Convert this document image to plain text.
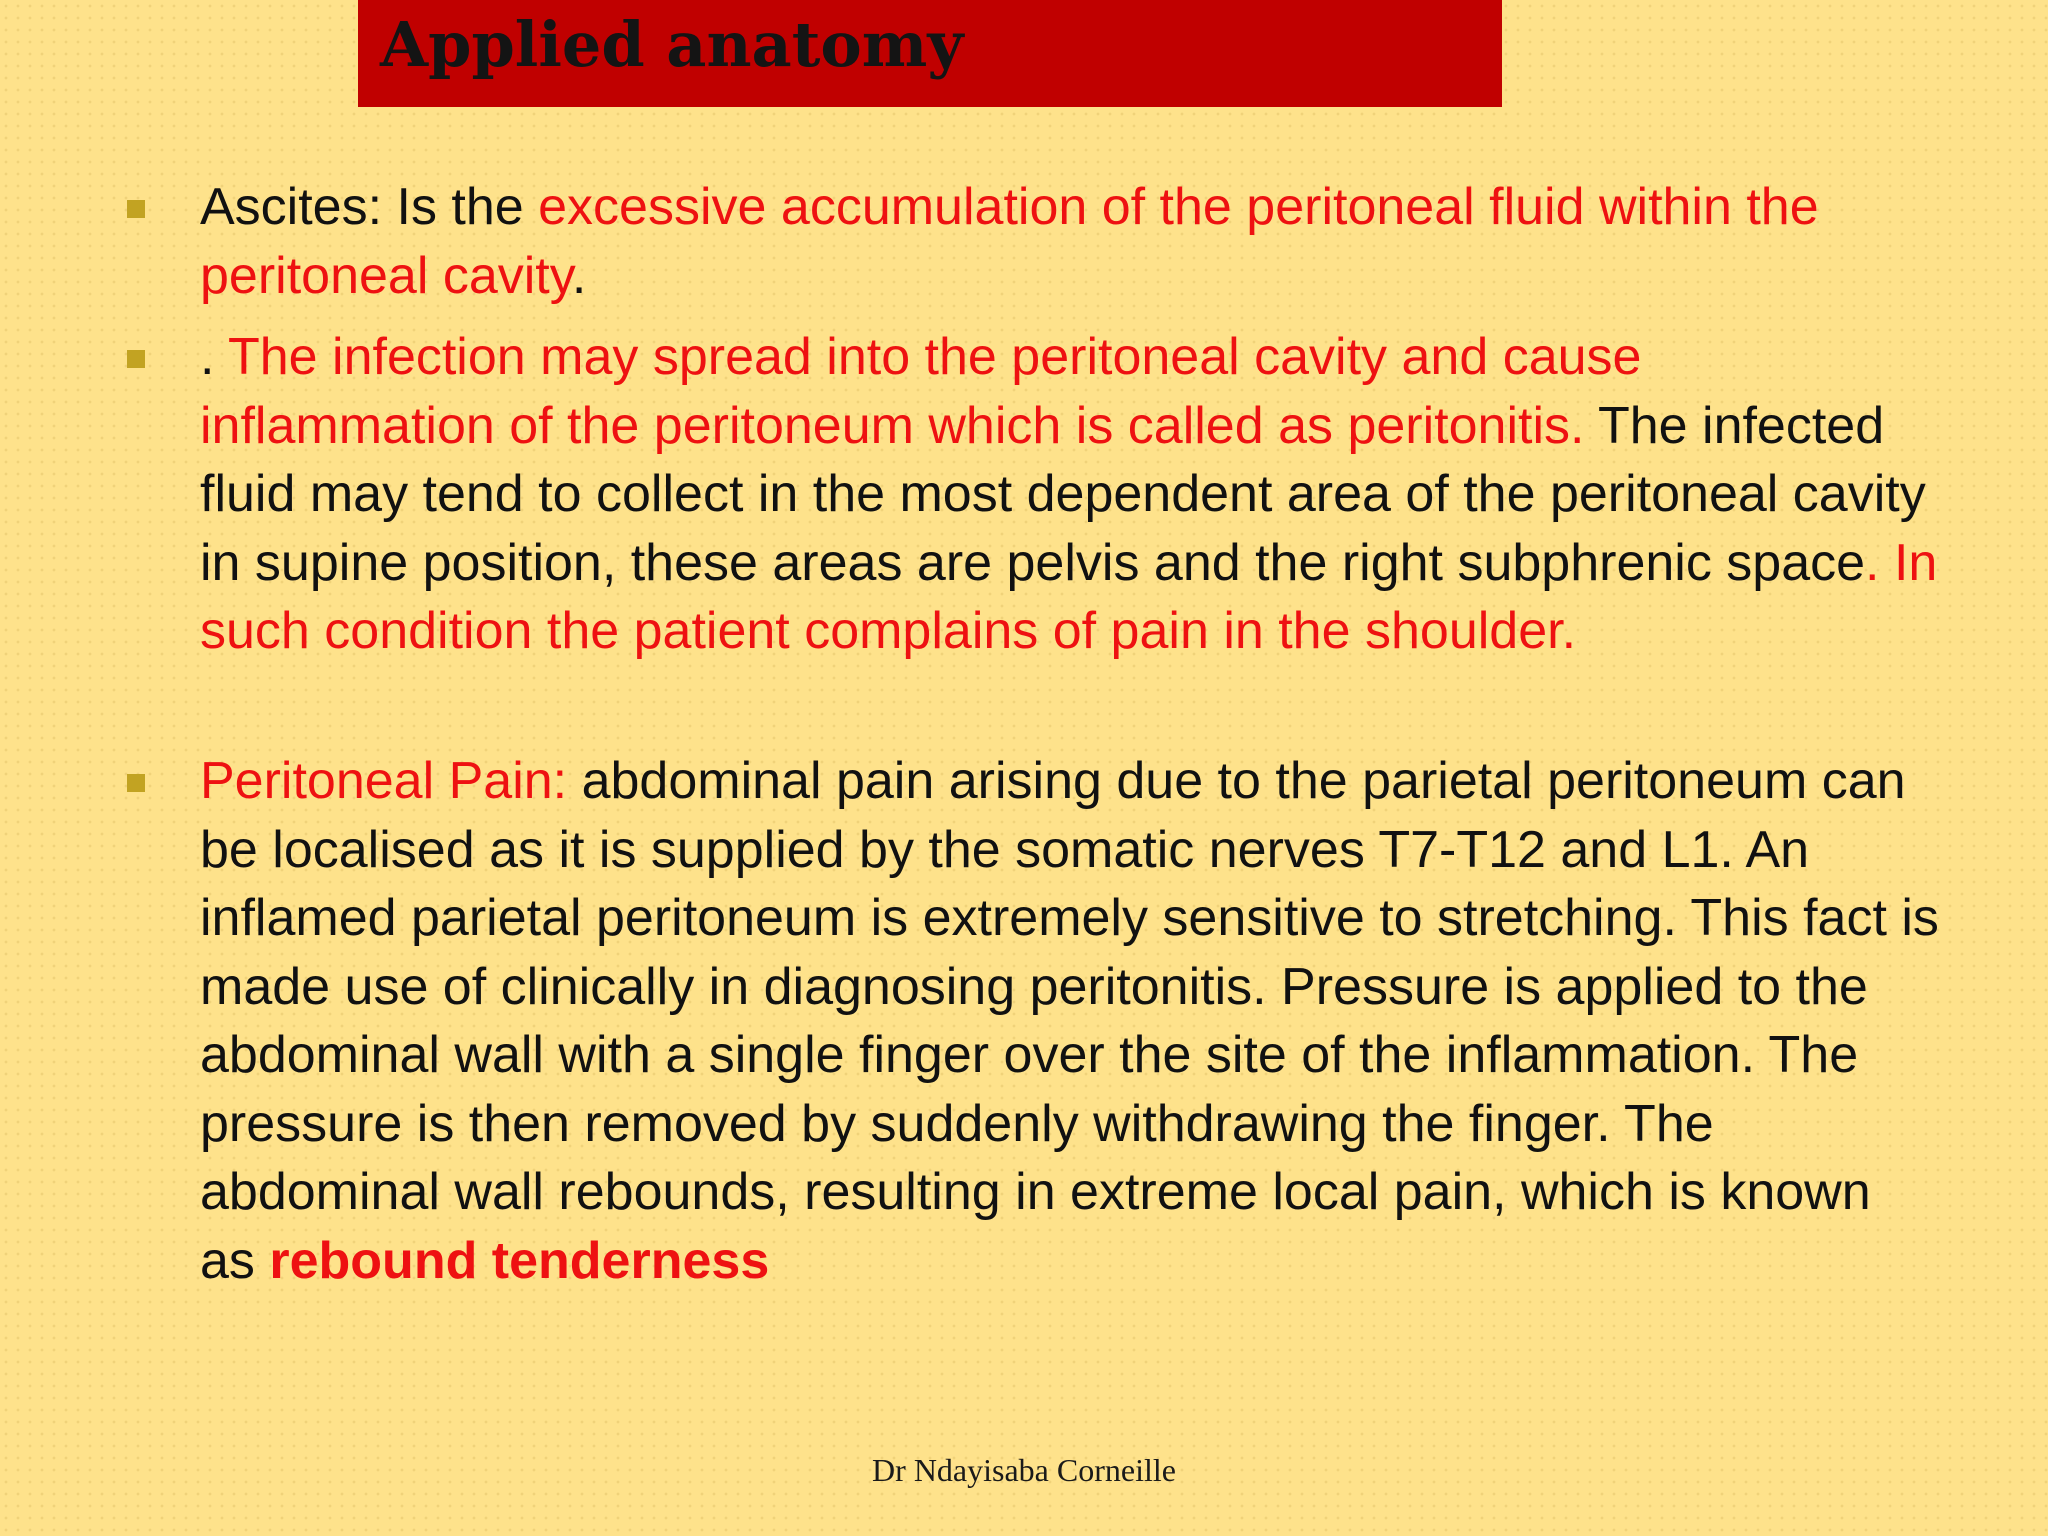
Applied anatomy
Ascites: Is the excessive accumulation of the peritoneal fluid within the peritoneal cavity.
. The infection may spread into the peritoneal cavity and cause inflammation of the peritoneum which is called as peritonitis. The infected fluid may tend to collect in the most dependent area of the peritoneal cavity in supine position, these areas are pelvis and the right subphrenic space. In such condition the patient complains of pain in the shoulder.
Peritoneal Pain: abdominal pain arising due to the parietal peritoneum can be localised as it is supplied by the somatic nerves T7-T12 and L1. An inflamed parietal peritoneum is extremely sensitive to stretching. This fact is made use of clinically in diagnosing peritonitis. Pressure is applied to the abdominal wall with a single finger over the site of the inflammation. The pressure is then removed by suddenly withdrawing the finger. The abdominal wall rebounds, resulting in extreme local pain, which is known as rebound tenderness
Dr Ndayisaba Corneille
